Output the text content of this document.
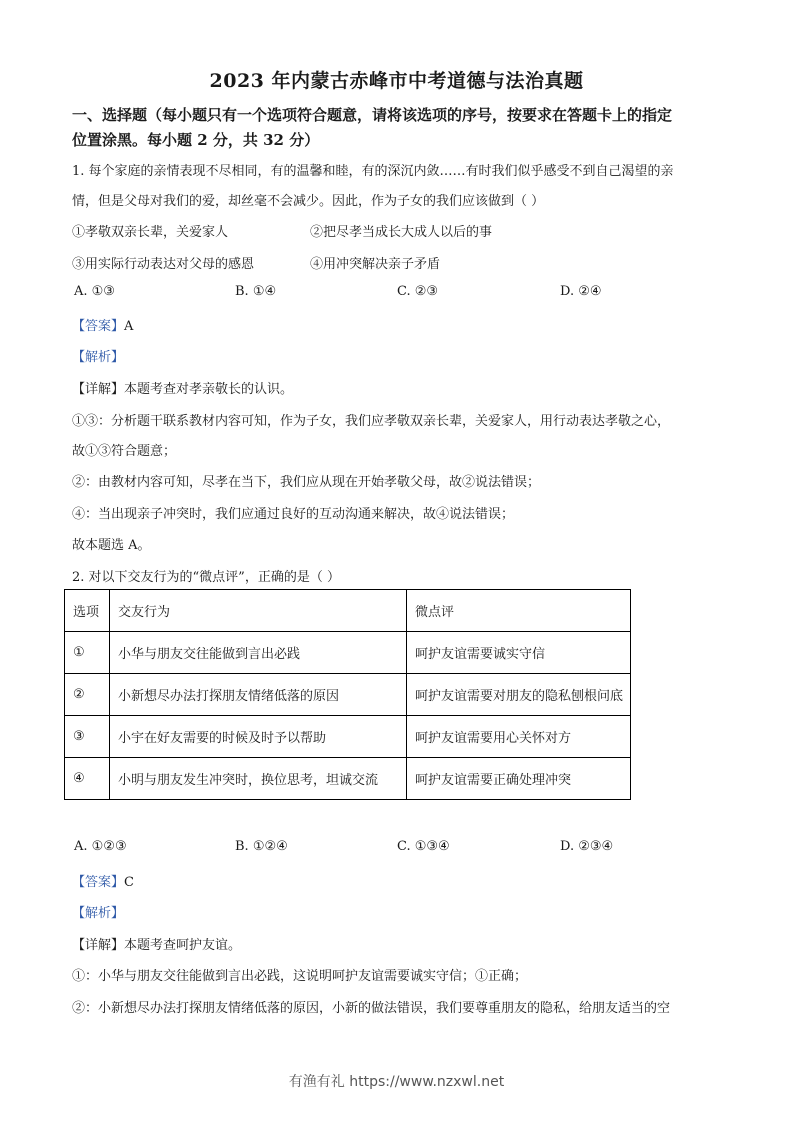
2023 年内蒙古赤峰市中考道德与法治真题
一、选择题（每小题只有一个选项符合题意，请将该选项的序号，按要求在答题卡上的指定
位置涂黑。每小题 2 分，共 32 分）
1. 每个家庭的亲情表现不尽相同，有的温馨和睦，有的深沉内敛……有时我们似乎感受不到自己渴望的亲
情，但是父母对我们的爱，却丝毫不会减少。因此，作为子女的我们应该做到（ ）
①孝敬双亲长辈，关爱家人	②把尽孝当成长大成人以后的事
③用实际行动表达对父母的感恩	④用冲突解决亲子矛盾
A. ①③	B. ①④	C. ②③	D. ②④
【答案】A
【解析】
【详解】本题考查对孝亲敬长的认识。
①③：分析题干联系教材内容可知，作为子女，我们应孝敬双亲长辈，关爱家人，用行动表达孝敬之心，
故①③符合题意；
②：由教材内容可知，尽孝在当下，我们应从现在开始孝敬父母，故②说法错误；
④：当出现亲子冲突时，我们应通过良好的互动沟通来解决，故④说法错误；
故本题选 A。
2. 对以下交友行为的“微点评”，正确的是（ ）
选项	交友行为	微点评
①	小华与朋友交往能做到言出必践	呵护友谊需要诚实守信
②	小新想尽办法打探朋友情绪低落的原因	呵护友谊需要对朋友的隐私刨根问底
③	小宇在好友需要的时候及时予以帮助	呵护友谊需要用心关怀对方
④	小明与朋友发生冲突时，换位思考，坦诚交流	呵护友谊需要正确处理冲突
A. ①②③	B. ①②④	C. ①③④	D. ②③④
【答案】C
【解析】
【详解】本题考查呵护友谊。
①：小华与朋友交往能做到言出必践，这说明呵护友谊需要诚实守信；①正确；
②：小新想尽办法打探朋友情绪低落的原因，小新的做法错误，我们要尊重朋友的隐私，给朋友适当的空
有渔有礼 https://www.nzxwl.net
